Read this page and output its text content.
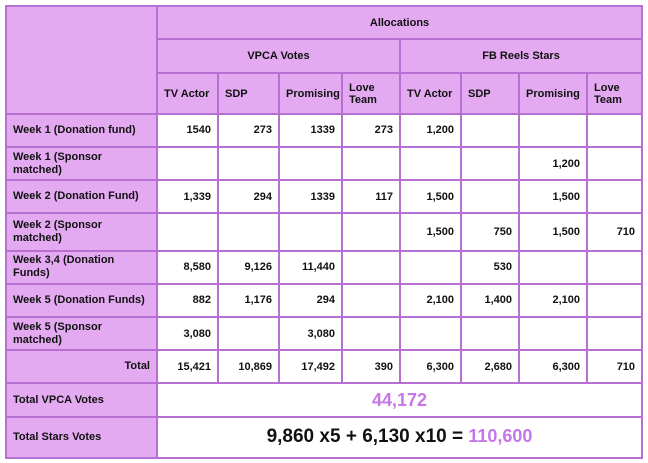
	Allocations							
	VPCA Votes				FB Reels Stars			
	TV Actor	SDP	Promising	Love Team	TV Actor	SDP	Promising	Love Team
Week 1 (Donation fund)	1540	273	1339	273	1,200			
Week 1 (Sponsor matched)							1,200	
Week 2 (Donation Fund)	1,339	294	1339	117	1,500		1,500	
Week 2 (Sponsor matched)					1,500	750	1,500	710
Week 3,4 (Donation Funds)	8,580	9,126	11,440			530		
Week 5 (Donation Funds)	882	1,176	294		2,100	1,400	2,100	
Week 5 (Sponsor matched)	3,080		3,080					
Total	15,421	10,869	17,492	390	6,300	2,680	6,300	710
Total VPCA Votes	44,172							
Total Stars Votes	9,860 x5 + 6,130 x10 = 110,600							
